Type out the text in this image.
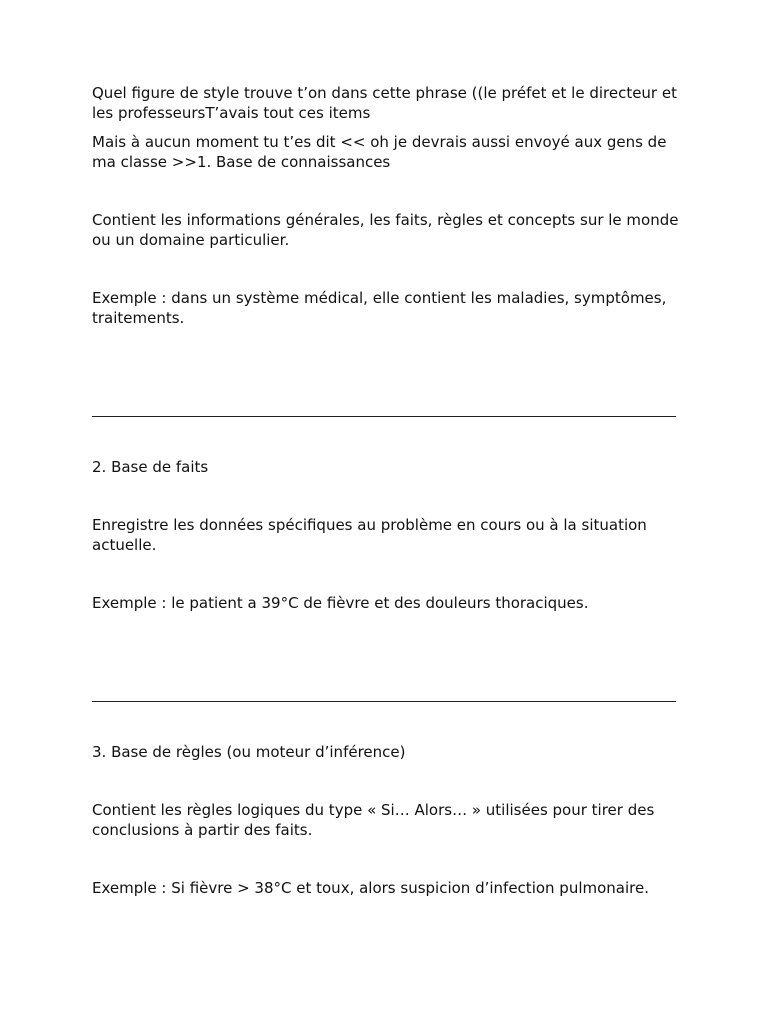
Quel figure de style trouve t’on dans cette phrase ((le préfet et le directeur et les professeursT’avais tout ces items

Mais à aucun moment tu t’es dit << oh je devrais aussi envoyé aux gens de ma classe >>1. Base de connaissances

Contient les informations générales, les faits, règles et concepts sur le monde ou un domaine particulier.

Exemple : dans un système médical, elle contient les maladies, symptômes, traitements.

2. Base de faits

Enregistre les données spécifiques au problème en cours ou à la situation actuelle.

Exemple : le patient a 39°C de fièvre et des douleurs thoraciques.

3. Base de règles (ou moteur d’inférence)

Contient les règles logiques du type « Si… Alors… » utilisées pour tirer des conclusions à partir des faits.

Exemple : Si fièvre > 38°C et toux, alors suspicion d’infection pulmonaire.
